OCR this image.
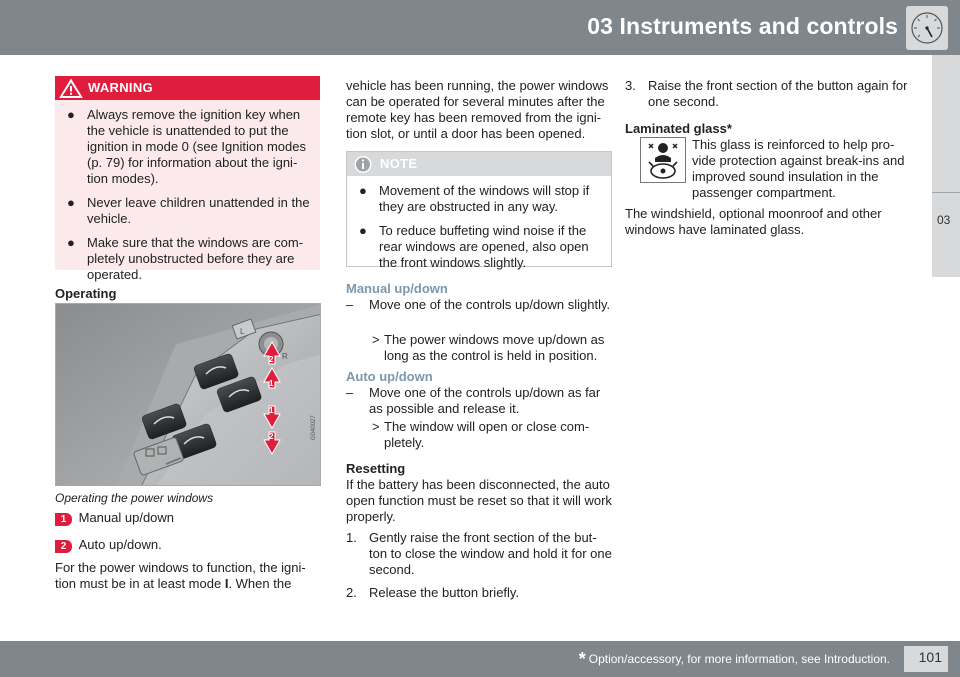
03 Instruments and controls
03
WARNING
● Always remove the ignition key when the vehicle is unattended to put the ignition in mode 0 (see Ignition modes (p. 79) for information about the igni-tion modes).
● Never leave children unattended in the vehicle.
● Make sure that the windows are com-pletely unobstructed before they are operated.
Operating
L
R
2
1
1
2	G040027
Operating the power windows
1 Manual up/down
2 Auto up/down.
For the power windows to function, the igni-
tion must be in at least mode I. When the
vehicle has been running, the power windows can be operated for several minutes after the remote key has been removed from the igni-tion slot, or until a door has been opened.
NOTE
● Movement of the windows will stop if they are obstructed in any way.
● To reduce buffeting wind noise if the rear windows are opened, also open the front windows slightly.
Manual up/down
– Move one of the controls up/down slightly.
> The power windows move up/down as long as the control is held in position.
Auto up/down
– Move one of the controls up/down as far as possible and release it.
> The window will open or close com-pletely.
Resetting
If the battery has been disconnected, the auto open function must be reset so that it will work properly.
1. Gently raise the front section of the but-ton to close the window and hold it for one second.
2. Release the button briefly.
3. Raise the front section of the button again for one second.
Laminated glass*
This glass is reinforced to help pro-vide protection against break-ins and improved sound insulation in the passenger compartment.
The windshield, optional moonroof and other windows have laminated glass.
* Option/accessory, for more information, see Introduction. 101
